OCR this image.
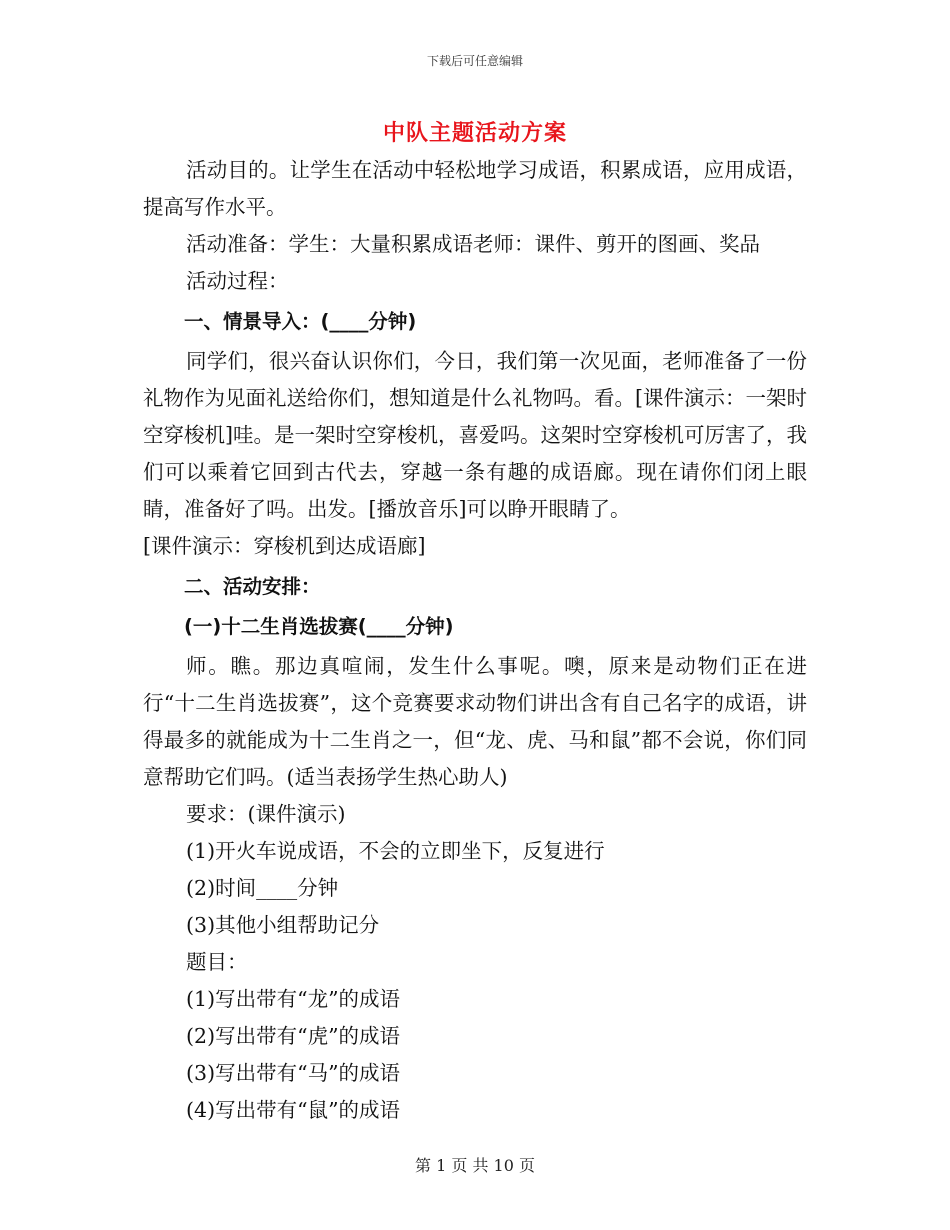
下载后可任意编辑
中队主题活动方案

活动目的。让学生在活动中轻松地学习成语，积累成语，应用成语，提高写作水平。

活动准备：学生：大量积累成语老师：课件、剪开的图画、奖品

活动过程：

一、情景导入：(____分钟)

同学们，很兴奋认识你们，今日，我们第一次见面，老师准备了一份礼物作为见面礼送给你们，想知道是什么礼物吗。看。[课件演示：一架时空穿梭机]哇。是一架时空穿梭机，喜爱吗。这架时空穿梭机可厉害了，我们可以乘着它回到古代去，穿越一条有趣的成语廊。现在请你们闭上眼睛，准备好了吗。出发。[播放音乐]可以睁开眼睛了。

[课件演示：穿梭机到达成语廊]

二、活动安排：

(一)十二生肖选拔赛(____分钟)

师。瞧。那边真喧闹，发生什么事呢。噢，原来是动物们正在进行“十二生肖选拔赛”，这个竞赛要求动物们讲出含有自己名字的成语，讲得最多的就能成为十二生肖之一，但“龙、虎、马和鼠”都不会说，你们同意帮助它们吗。(适当表扬学生热心助人)

要求：(课件演示)

(1)开火车说成语，不会的立即坐下，反复进行

(2)时间____分钟

(3)其他小组帮助记分

题目：

(1)写出带有“龙”的成语

(2)写出带有“虎”的成语

(3)写出带有“马”的成语

(4)写出带有“鼠”的成语

第 1 页 共 10 页
